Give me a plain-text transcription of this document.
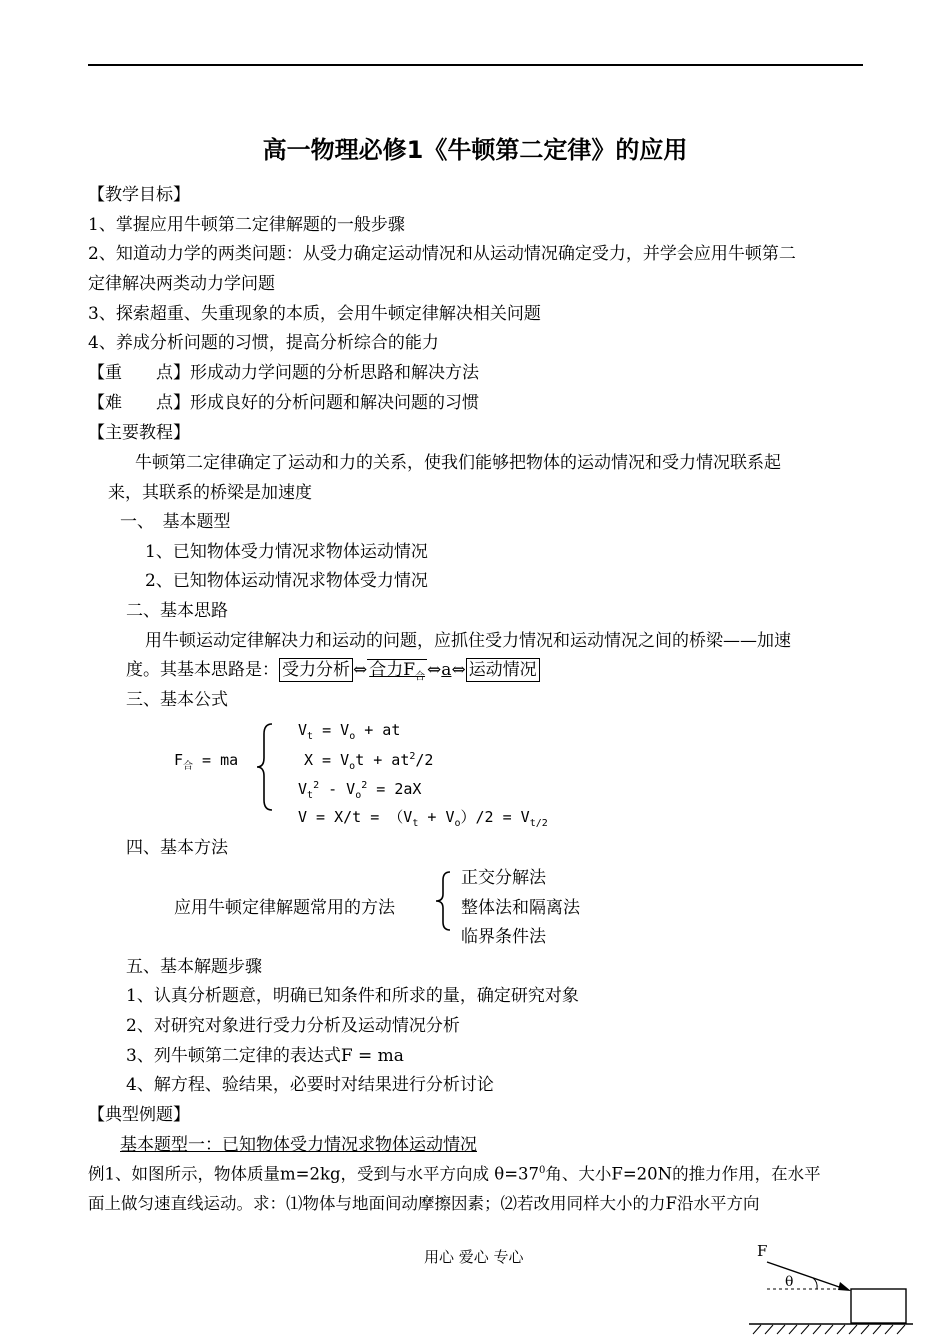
高一物理必修1《牛顿第二定律》的应用
【教学目标】
1、掌握应用牛顿第二定律解题的一般步骤
2、知道动力学的两类问题：从受力确定运动情况和从运动情况确定受力，并学会应用牛顿第二
定律解决两类动力学问题
3、探索超重、失重现象的本质，会用牛顿定律解决相关问题
4、养成分析问题的习惯，提高分析综合的能力
【重　　点】形成动力学问题的分析思路和解决方法
【难　　点】形成良好的分析问题和解决问题的习惯
【主要教程】
牛顿第二定律确定了运动和力的关系，使我们能够把物体的运动情况和受力情况联系起
来，其联系的桥梁是加速度
一、　基本题型
1、已知物体受力情况求物体运动情况
2、已知物体运动情况求物体受力情况
二、基本思路
用牛顿运动定律解决力和运动的问题，应抓住受力情况和运动情况之间的桥梁——加速
度。其基本思路是： 受力分析 ⇔ 合力$F_合$ ⇔a⇔ 运动情况
三、基本公式
$F_合$ = ma
$V_t = V_o$ + at
$X = V_ot + at^2/2$
$V_t^2 - V_o^2 = 2aX$
$V = X/t = (V_t + V_o)/2 = V_{t/2}$
四、基本方法
应用牛顿定律解题常用的方法
正交分解法
整体法和隔离法
临界条件法
五、基本解题步骤
1、认真分析题意，明确已知条件和所求的量，确定研究对象
2、对研究对象进行受力分析及运动情况分析
3、列牛顿第二定律的表达式F = ma
4、解方程、验结果，必要时对结果进行分析讨论
【典型例题】
基本题型一：已知物体受力情况求物体运动情况
例1、如图所示，物体质量m=2kg，受到与水平方向成 $\theta=37^0$角、大小F=20N的推力作用，在水平
面上做匀速直线运动。求：⑴物体与地面间动摩擦因素；⑵若改用同样大小的力F沿水平方向
用心 爱心 专心	F
θ
